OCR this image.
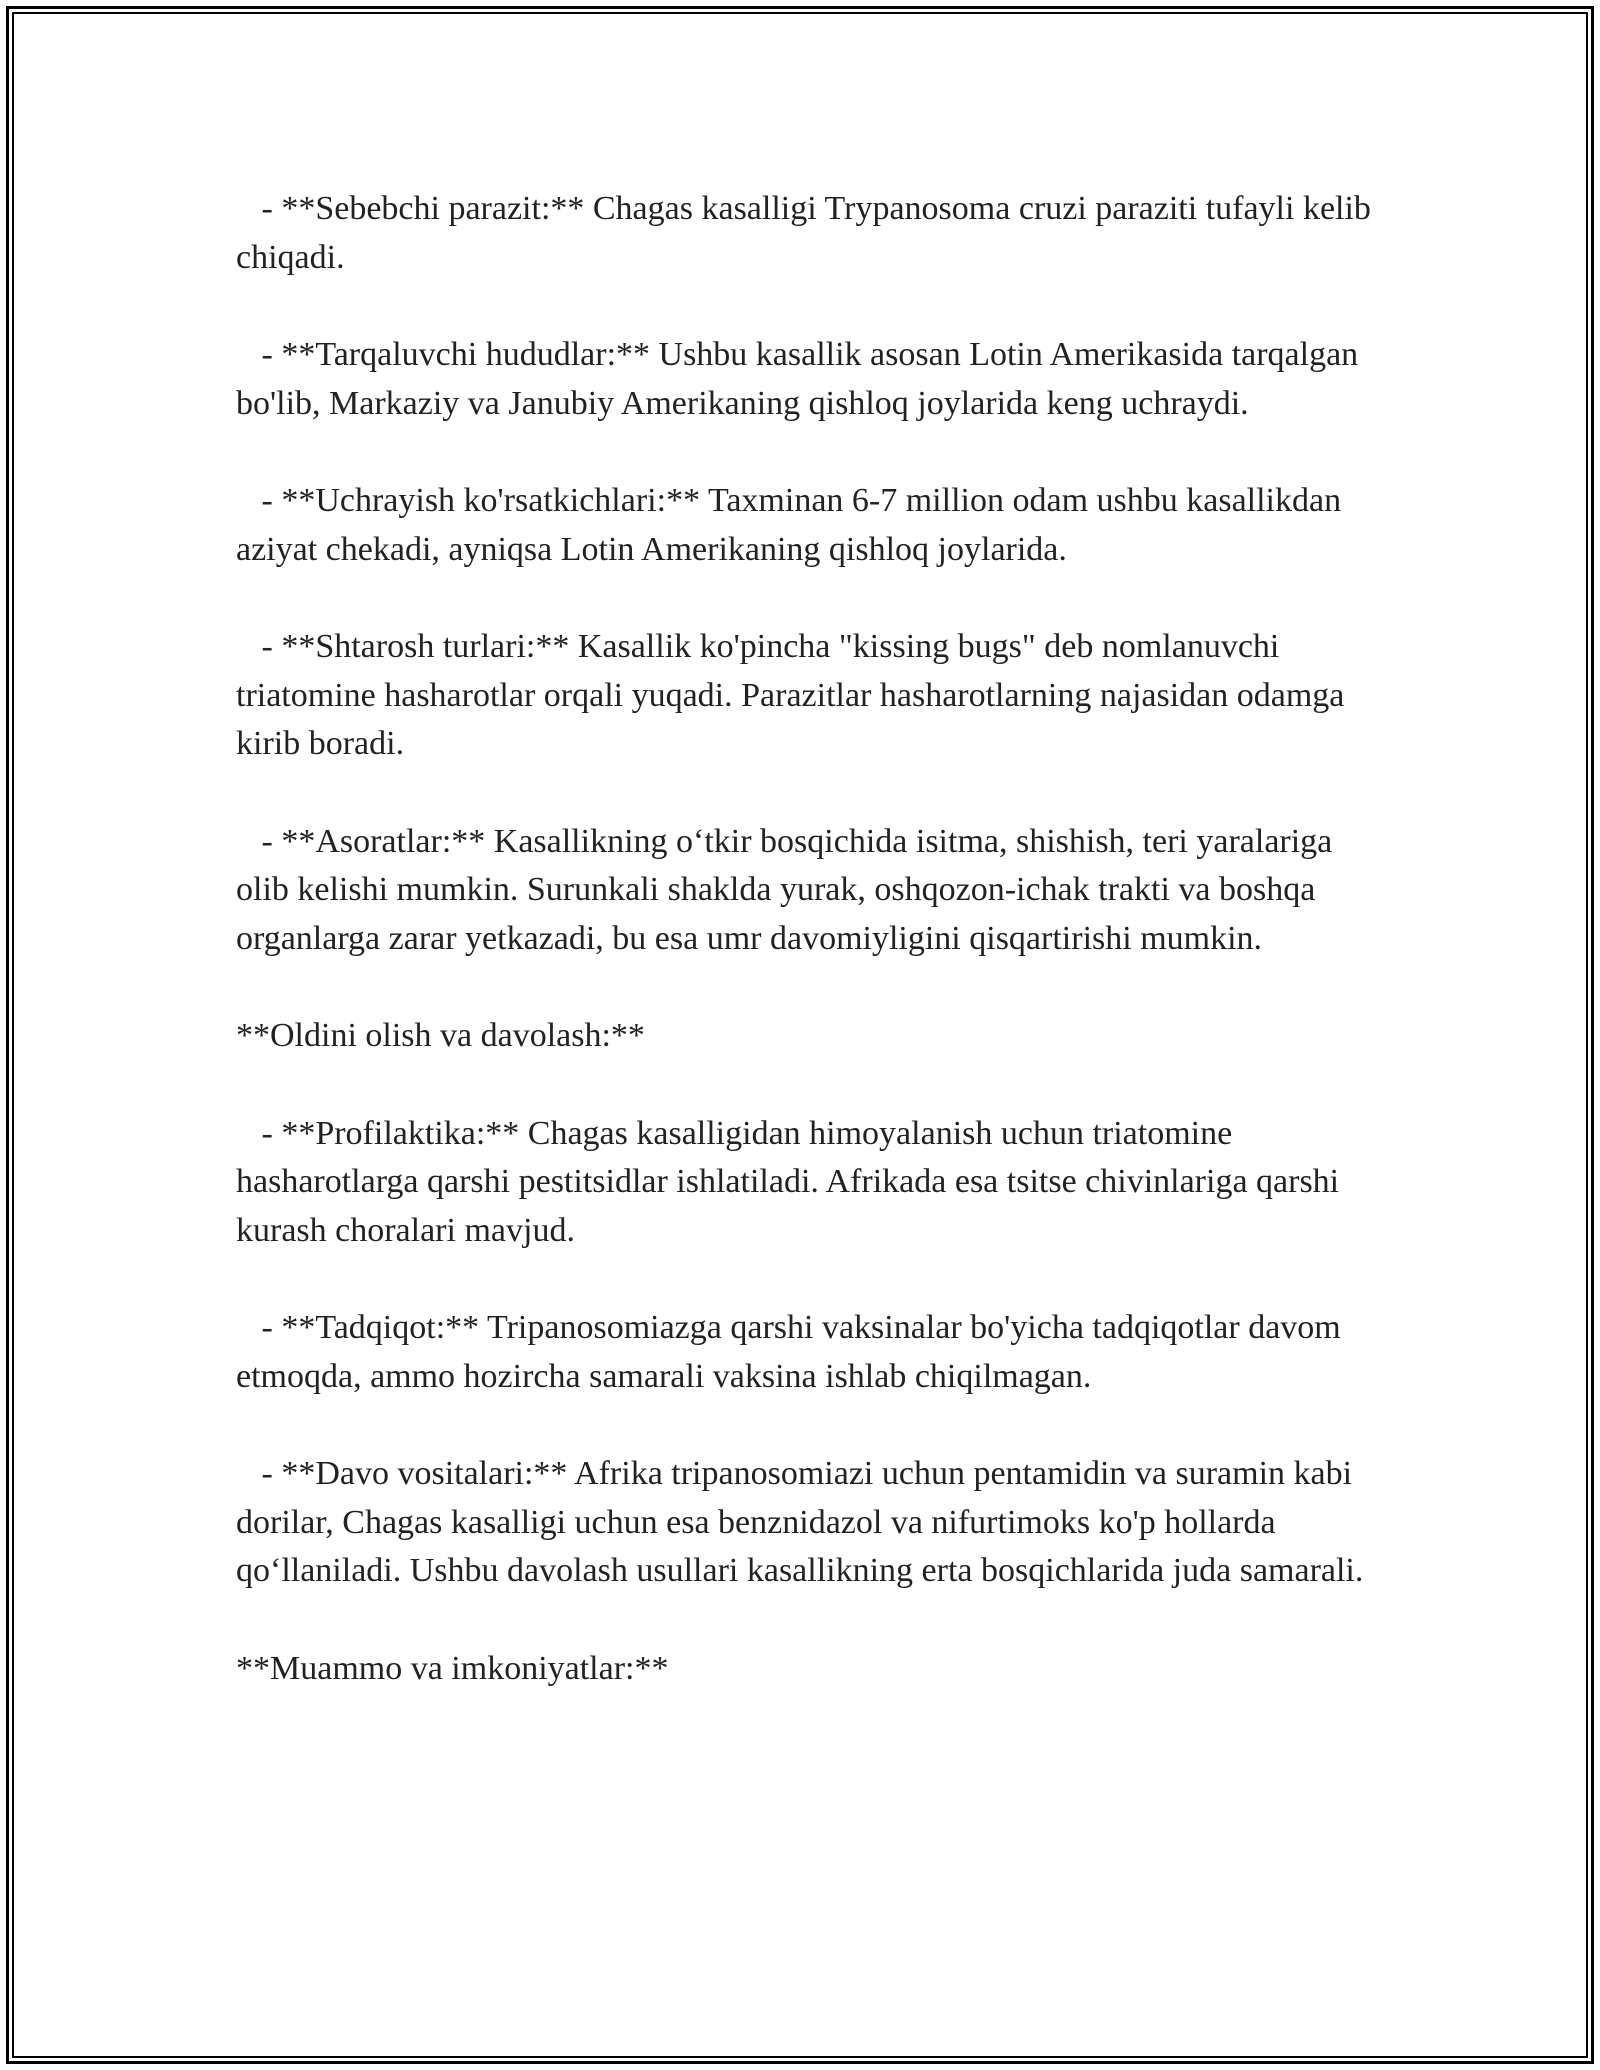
- **Sebebchi parazit:** Chagas kasalligi Trypanosoma cruzi paraziti tufayli kelib chiqadi.

- **Tarqaluvchi hududlar:** Ushbu kasallik asosan Lotin Amerikasida tarqalgan bo'lib, Markaziy va Janubiy Amerikaning qishloq joylarida keng uchraydi.

- **Uchrayish ko'rsatkichlari:** Taxminan 6-7 million odam ushbu kasallikdan aziyat chekadi, ayniqsa Lotin Amerikaning qishloq joylarida.

- **Shtarosh turlari:** Kasallik ko'pincha "kissing bugs" deb nomlanuvchi triatomine hasharotlar orqali yuqadi. Parazitlar hasharotlarning najasidan odamga kirib boradi.

- **Asoratlar:** Kasallikning o‘tkir bosqichida isitma, shishish, teri yaralariga olib kelishi mumkin. Surunkali shaklda yurak, oshqozon-ichak trakti va boshqa organlarga zarar yetkazadi, bu esa umr davomiyligini qisqartirishi mumkin.

**Oldini olish va davolash:**

- **Profilaktika:** Chagas kasalligidan himoyalanish uchun triatomine hasharotlarga qarshi pestitsidlar ishlatiladi. Afrikada esa tsitse chivinlariga qarshi kurash choralari mavjud.

- **Tadqiqot:** Tripanosomiazga qarshi vaksinalar bo'yicha tadqiqotlar davom etmoqda, ammo hozircha samarali vaksina ishlab chiqilmagan.

- **Davo vositalari:** Afrika tripanosomiazi uchun pentamidin va suramin kabi dorilar, Chagas kasalligi uchun esa benznidazol va nifurtimoks ko'p hollarda qo‘llaniladi. Ushbu davolash usullari kasallikning erta bosqichlarida juda samarali.

**Muammo va imkoniyatlar:**
